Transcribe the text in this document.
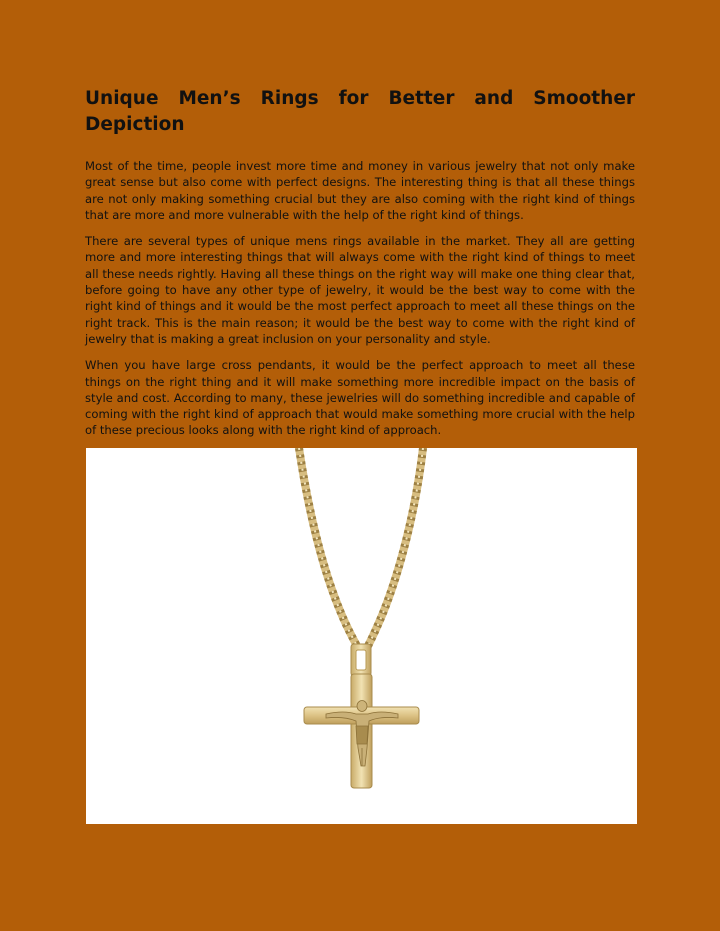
Unique Men’s Rings for Better and Smoother Depiction

Most of the time, people invest more time and money in various jewelry that not only make great sense but also come with perfect designs. The interesting thing is that all these things are not only making something crucial but they are also coming with the right kind of things that are more and more vulnerable with the help of the right kind of things.

There are several types of unique mens rings available in the market. They all are getting more and more interesting things that will always come with the right kind of things to meet all these needs rightly. Having all these things on the right way will make one thing clear that, before going to have any other type of jewelry, it would be the best way to come with the right kind of things and it would be the most perfect approach to meet all these things on the right track. This is the main reason; it would be the best way to come with the right kind of jewelry that is making a great inclusion on your personality and style.

When you have large cross pendants, it would be the perfect approach to meet all these things on the right thing and it will make something more incredible impact on the basis of style and cost. According to many, these jewelries will do something incredible and capable of coming with the right kind of approach that would make something more crucial with the help of these precious looks along with the right kind of approach.
